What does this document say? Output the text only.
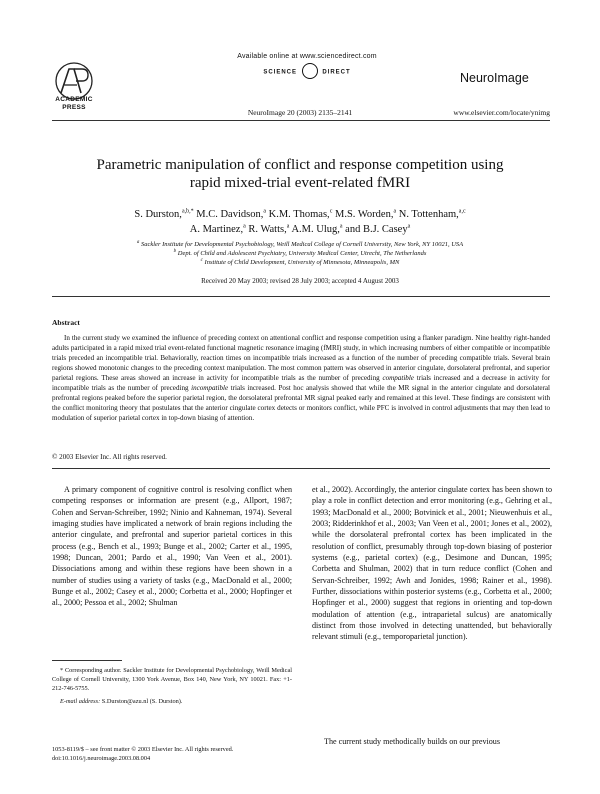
ACADEMIC PRESS
Available online at www.sciencedirect.com
SCIENCE	DIRECT	NeuroImage
NeuroImage 20 (2003) 2135–2141	www.elsevier.com/locate/ynimg
Parametric manipulation of conflict and response competition using
rapid mixed-trial event-related fMRI
S. Durston,$^{a,b,*}$ M.C. Davidson,$^a$ K.M. Thomas,$^c$ M.S. Worden,$^a$ N. Tottenham,$^{a,c}$
A. Martinez,$^a$ R. Watts,$^a$ A.M. Ulug,$^a$ and B.J. Casey$^a$
$^a$ Sackler Institute for Developmental Psychobiology, Weill Medical College of Cornell University, New York, NY 10021, USA
$^b$ Dept. of Child and Adolescent Psychiatry, University Medical Center, Utrecht, The Netherlands
$^c$ Institute of Child Development, University of Minnesota, Minneapolis, MN
Received 20 May 2003; revised 28 July 2003; accepted 4 August 2003
Abstract
In the current study we examined the influence of preceding context on attentional conflict and response competition using a flanker paradigm. Nine healthy right-handed adults participated in a rapid mixed trial event-related functional magnetic resonance imaging (fMRI) study, in which increasing numbers of either compatible or incompatible trials preceded an incompatible trial. Behaviorally, reaction times on incompatible trials increased as a function of the number of preceding compatible trials. Several brain regions showed monotonic changes to the preceding context manipulation. The most common pattern was observed in anterior cingulate, dorsolateral prefrontal, and superior parietal regions. These areas showed an increase in activity for incompatible trials as the number of preceding compatible trials increased and a decrease in activity for incompatible trials as the number of preceding incompatible trials increased. Post hoc analysis showed that while the MR signal in the anterior cingulate and dorsolateral prefrontal regions peaked before the superior parietal region, the dorsolateral prefrontal MR signal peaked early and remained at this level. These findings are consistent with the conflict monitoring theory that postulates that the anterior cingulate cortex detects or monitors conflict, while PFC is involved in control adjustments that may then lead to modulation of superior parietal cortex in top-down biasing of attention.
© 2003 Elsevier Inc. All rights reserved.
A primary component of cognitive control is resolving conflict when competing responses or information are present (e.g., Allport, 1987; Cohen and Servan-Schreiber, 1992; Ninio and Kahneman, 1974). Several imaging studies have implicated a network of brain regions including the anterior cingulate, and prefrontal and superior parietal cortices in this process (e.g., Bench et al., 1993; Bunge et al., 2002; Carter et al., 1995, 1998; Duncan, 2001; Pardo et al., 1990; Van Veen et al., 2001). Dissociations among and within these regions have been shown in a number of studies using a variety of tasks (e.g., MacDonald et al., 2000; Bunge et al., 2002; Casey et al., 2000; Corbetta et al., 2000; Hopfinger et al., 2000; Pessoa et al., 2002; Shulman
et al., 2002). Accordingly, the anterior cingulate cortex has been shown to play a role in conflict detection and error monitoring (e.g., Gehring et al., 1993; MacDonald et al., 2000; Botvinick et al., 2001; Nieuwenhuis et al., 2003; Ridderinkhof et al., 2003; Van Veen et al., 2001; Jones et al., 2002), while the dorsolateral prefrontal cortex has been implicated in the resolution of conflict, presumably through top-down biasing of posterior systems (e.g., parietal cortex) (e.g., Desimone and Duncan, 1995; Corbetta and Shulman, 2002) that in turn reduce conflict (Cohen and Servan-Schreiber, 1992; Awh and Jonides, 1998; Rainer et al., 1998). Further, dissociations within posterior systems (e.g., Corbetta et al., 2000; Hopfinger et al., 2000) suggest that regions in orienting and top-down modulation of attention (e.g., intraparietal sulcus) are anatomically distinct from those involved in detecting unattended, but behaviorally relevant stimuli (e.g., temporoparietal junction).
The current study methodically builds on our previous
* Corresponding author. Sackler Institute for Developmental Psychobiology, Weill Medical College of Cornell University, 1300 York Avenue, Box 140, New York, NY 10021. Fax: +1-212-746-5755.
E-mail address: S.Durston@azu.nl (S. Durston).
1053-8119/$ – see front matter © 2003 Elsevier Inc. All rights reserved.
doi:10.1016/j.neuroimage.2003.08.004
